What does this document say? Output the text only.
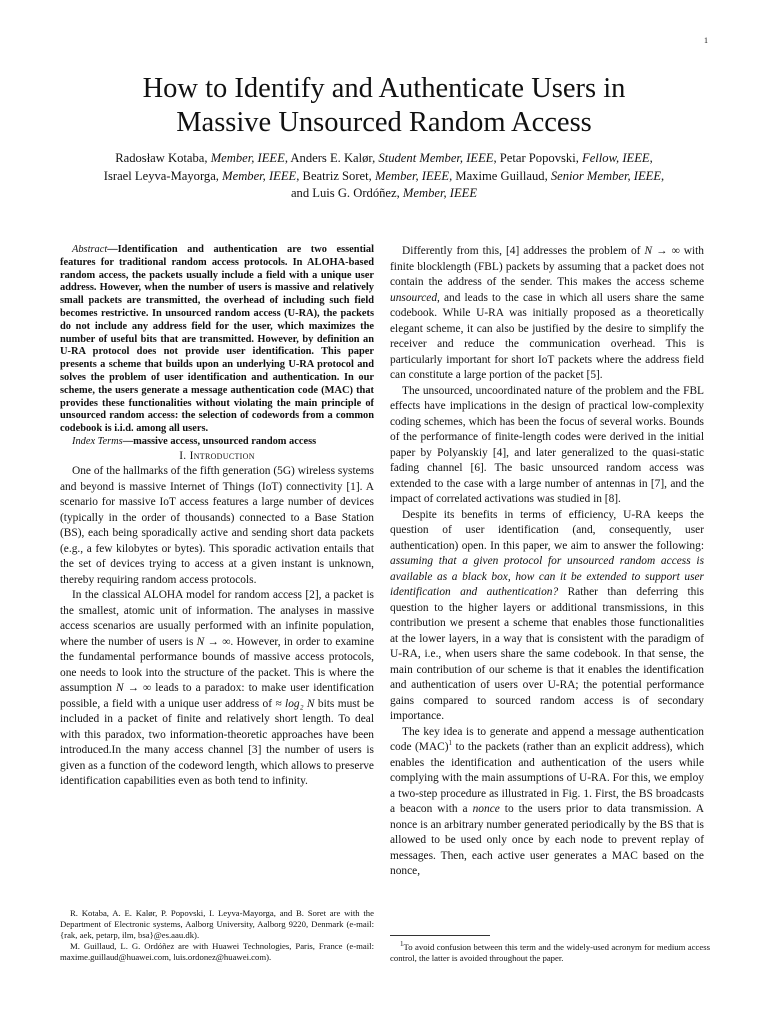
1
How to Identify and Authenticate Users in
Massive Unsourced Random Access
Radosław Kotaba, Member, IEEE, Anders E. Kalør, Student Member, IEEE, Petar Popovski, Fellow, IEEE,
Israel Leyva-Mayorga, Member, IEEE, Beatriz Soret, Member, IEEE, Maxime Guillaud, Senior Member, IEEE,
and Luis G. Ordóñez, Member, IEEE

Abstract—Identification and authentication are two essential features for traditional random access protocols. In ALOHA-based random access, the packets usually include a field with a unique user address. However, when the number of users is massive and relatively small packets are transmitted, the overhead of including such field becomes restrictive. In unsourced random access (U-RA), the packets do not include any address field for the user, which maximizes the number of useful bits that are transmitted. However, by definition an U-RA protocol does not provide user identification. This paper presents a scheme that builds upon an underlying U-RA protocol and solves the problem of user identification and authentication. In our scheme, the users generate a message authentication code (MAC) that provides these functionalities without violating the main principle of unsourced random access: the selection of codewords from a common codebook is i.i.d. among all users.

Index Terms—massive access, unsourced random access

I. Introduction

One of the hallmarks of the fifth generation (5G) wireless systems and beyond is massive Internet of Things (IoT) connectivity [1]. A scenario for massive IoT access features a large number of devices (typically in the order of thousands) connected to a Base Station (BS), each being sporadically active and sending short data packets (e.g., a few kilobytes or bytes). This sporadic activation entails that the set of devices trying to access at a given instant is unknown, thereby requiring random access protocols.

In the classical ALOHA model for random access [2], a packet is the smallest, atomic unit of information. The analyses in massive access scenarios are usually performed with an infinite population, where the number of users is N → ∞. However, in order to examine the fundamental performance bounds of massive access protocols, one needs to look into the structure of the packet. This is where the assumption N → ∞ leads to a paradox: to make user identification possible, a field with a unique user address of ≈ log₂ N bits must be included in a packet of finite and relatively short length. To deal with this paradox, two information-theoretic approaches have been introduced.In the many access channel [3] the number of users is given as a function of the codeword length, which allows to preserve identification capabilities even as both tend to infinity.

R. Kotaba, A. E. Kalør, P. Popovski, I. Leyva-Mayorga, and B. Soret are with the Department of Electronic systems, Aalborg University, Aalborg 9220, Denmark (e-mail: {rak, aek, petarp, ilm, bsa}@es.aau.dk).

M. Guillaud, L. G. Ordóñez are with Huawei Technologies, Paris, France (e-mail: maxime.guillaud@huawei.com, luis.ordonez@huawei.com).

Differently from this, [4] addresses the problem of N → ∞ with finite blocklength (FBL) packets by assuming that a packet does not contain the address of the sender. This makes the access scheme unsourced, and leads to the case in which all users share the same codebook. While U-RA was initially proposed as a theoretically elegant scheme, it can also be justified by the desire to simplify the receiver and reduce the communication overhead. This is particularly important for short IoT packets where the address field can constitute a large portion of the packet [5].

The unsourced, uncoordinated nature of the problem and the FBL effects have implications in the design of practical low-complexity coding schemes, which has been the focus of several works. Bounds of the performance of finite-length codes were derived in the initial paper by Polyanskiy [4], and later generalized to the quasi-static fading channel [6]. The basic unsourced random access was extended to the case with a large number of antennas in [7], and the impact of correlated activations was studied in [8].

Despite its benefits in terms of efficiency, U-RA keeps the question of user identification (and, consequently, user authentication) open. In this paper, we aim to answer the following: assuming that a given protocol for unsourced random access is available as a black box, how can it be extended to support user identification and authentication? Rather than deferring this question to the higher layers or additional transmissions, in this contribution we present a scheme that enables those functionalities at the lower layers, in a way that is consistent with the paradigm of U-RA, i.e., when users share the same codebook. In that sense, the main contribution of our scheme is that it enables the identification and authentication of users over U-RA; the potential performance gains compared to sourced random access is of secondary importance.

The key idea is to generate and append a message authentication code (MAC)$^1$ to the packets (rather than an explicit address), which enables the identification and authentication of the users while complying with the main assumptions of U-RA. For this, we employ a two-step procedure as illustrated in Fig. 1. First, the BS broadcasts a beacon with a nonce to the users prior to data transmission. A nonce is an arbitrary number generated periodically by the BS that is allowed to be used only once by each node to prevent replay of messages. Then, each active user generates a MAC based on the nonce,

$^1$To avoid confusion between this term and the widely-used acronym for medium access control, the latter is avoided throughout the paper.
